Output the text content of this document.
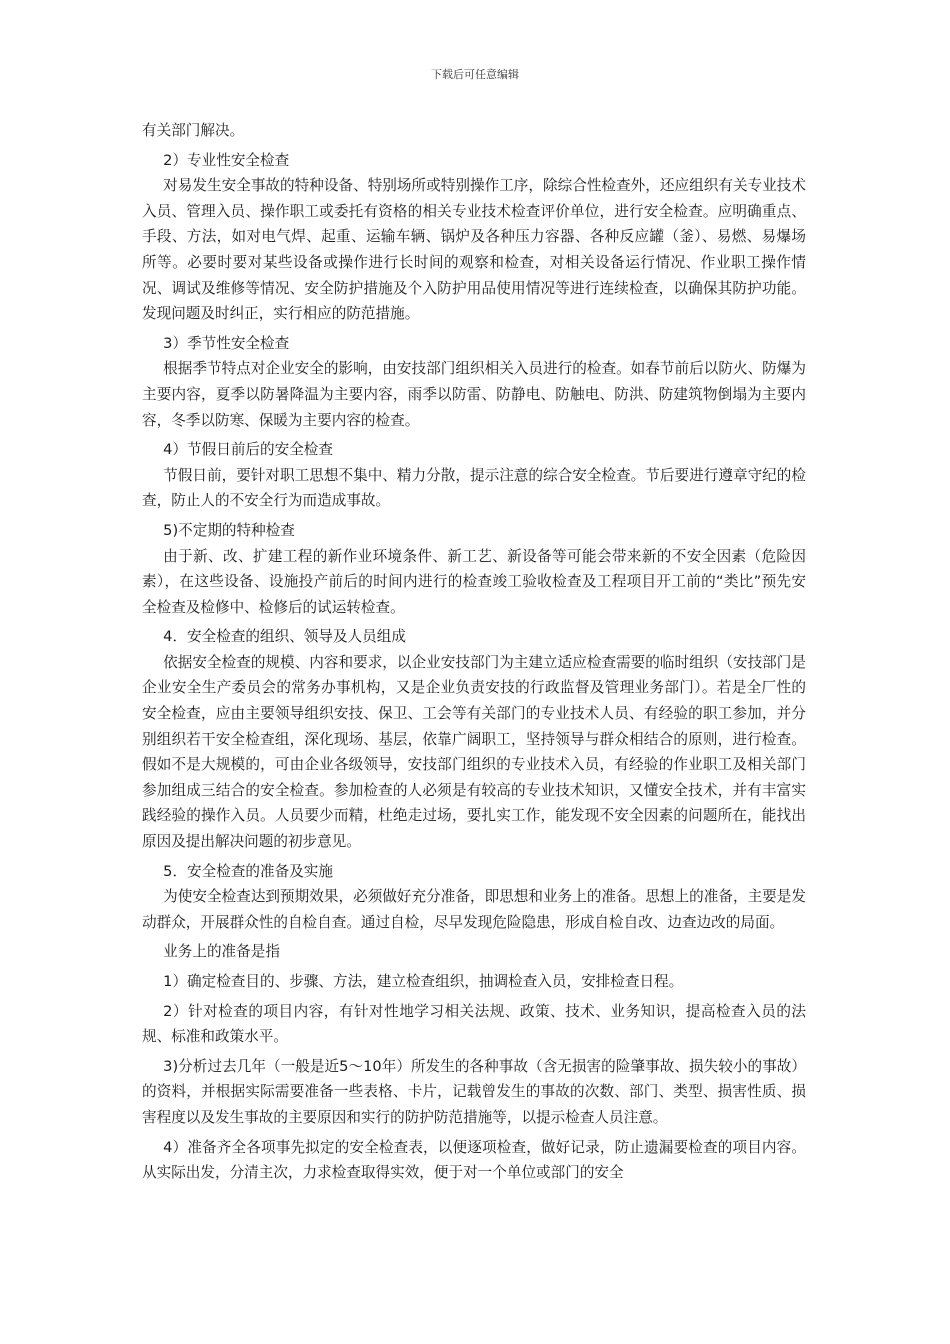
下载后可任意编辑

有关部门解决。

2）专业性安全检查

对易发生安全事故的特种设备、特别场所或特别操作工序，除综合性检查外，还应组织有关专业技术入员、管理入员、操作职工或委托有资格的相关专业技术检查评价单位，进行安全检查。应明确重点、手段、方法，如对电气焊、起重、运输车辆、锅炉及各种压力容器、各种反应罐（釜）、易燃、易爆场所等。必要时要对某些设备或操作进行长时间的观察和检查，对相关设备运行情况、作业职工操作情况、调试及维修等情况、安全防护措施及个入防护用品使用情况等进行连续检查，以确保其防护功能。发现问题及时纠正，实行相应的防范措施。

3）季节性安全检查

根据季节特点对企业安全的影响，由安技部门组织相关入员进行的检查。如春节前后以防火、防爆为主要内容，夏季以防暑降温为主要内容，雨季以防雷、防静电、防触电、防洪、防建筑物倒塌为主要内容，冬季以防寒、保暖为主要内容的检查。

4）节假日前后的安全检查

节假日前，要针对职工思想不集中、精力分散，提示注意的综合安全检查。节后要进行遵章守纪的检查，防止人的不安全行为而造成事故。

5)不定期的特种检查

由于新、改、扩建工程的新作业环境条件、新工艺、新设备等可能会带来新的不安全因素（危险因素），在这些设备、设施投产前后的时间内进行的检查竣工验收检查及工程项目开工前的“类比”预先安全检查及检修中、检修后的试运转检查。

4．安全检查的组织、领导及人员组成

依据安全检查的规模、内容和要求，以企业安技部门为主建立适应检查需要的临时组织（安技部门是企业安全生产委员会的常务办事机构，又是企业负责安技的行政监督及管理业务部门）。若是全厂性的安全检查，应由主要领导组织安技、保卫、工会等有关部门的专业技术人员、有经验的职工参加，并分别组织若干安全检查组，深化现场、基层，依靠广阔职工，坚持领导与群众相结合的原则，进行检查。假如不是大规模的，可由企业各级领导，安技部门组织的专业技术入员，有经验的作业职工及相关部门参加组成三结合的安全检查。参加检查的人必须是有较高的专业技术知识，又懂安全技术，并有丰富实践经验的操作入员。人员要少而精，杜绝走过场，要扎实工作，能发现不安全因素的问题所在，能找出原因及提出解决问题的初步意见。

5．安全检查的准备及实施

为使安全检查达到预期效果，必须做好充分准备，即思想和业务上的准备。思想上的准备，主要是发动群众，开展群众性的自检自查。通过自检，尽早发现危险隐患，形成自检自改、边查边改的局面。

业务上的准备是指

1）确定检查目的、步骤、方法，建立检查组织，抽调检查入员，安排检查日程。

2）针对检查的项目内容，有针对性地学习相关法规、政策、技术、业务知识，提高检查入员的法规、标准和政策水平。

3)分析过去几年（一般是近5～10年）所发生的各种事故（含无损害的险肇事故、损失较小的事故）的资料，并根据实际需要准备一些表格、卡片，记载曾发生的事故的次数、部门、类型、损害性质、损害程度以及发生事故的主要原因和实行的防护防范措施等，以提示检查人员注意。

4）准备齐全各项事先拟定的安全检查表，以便逐项检查，做好记录，防止遗漏要检查的项目内容。从实际出发，分清主次，力求检查取得实效，便于对一个单位或部门的安全
